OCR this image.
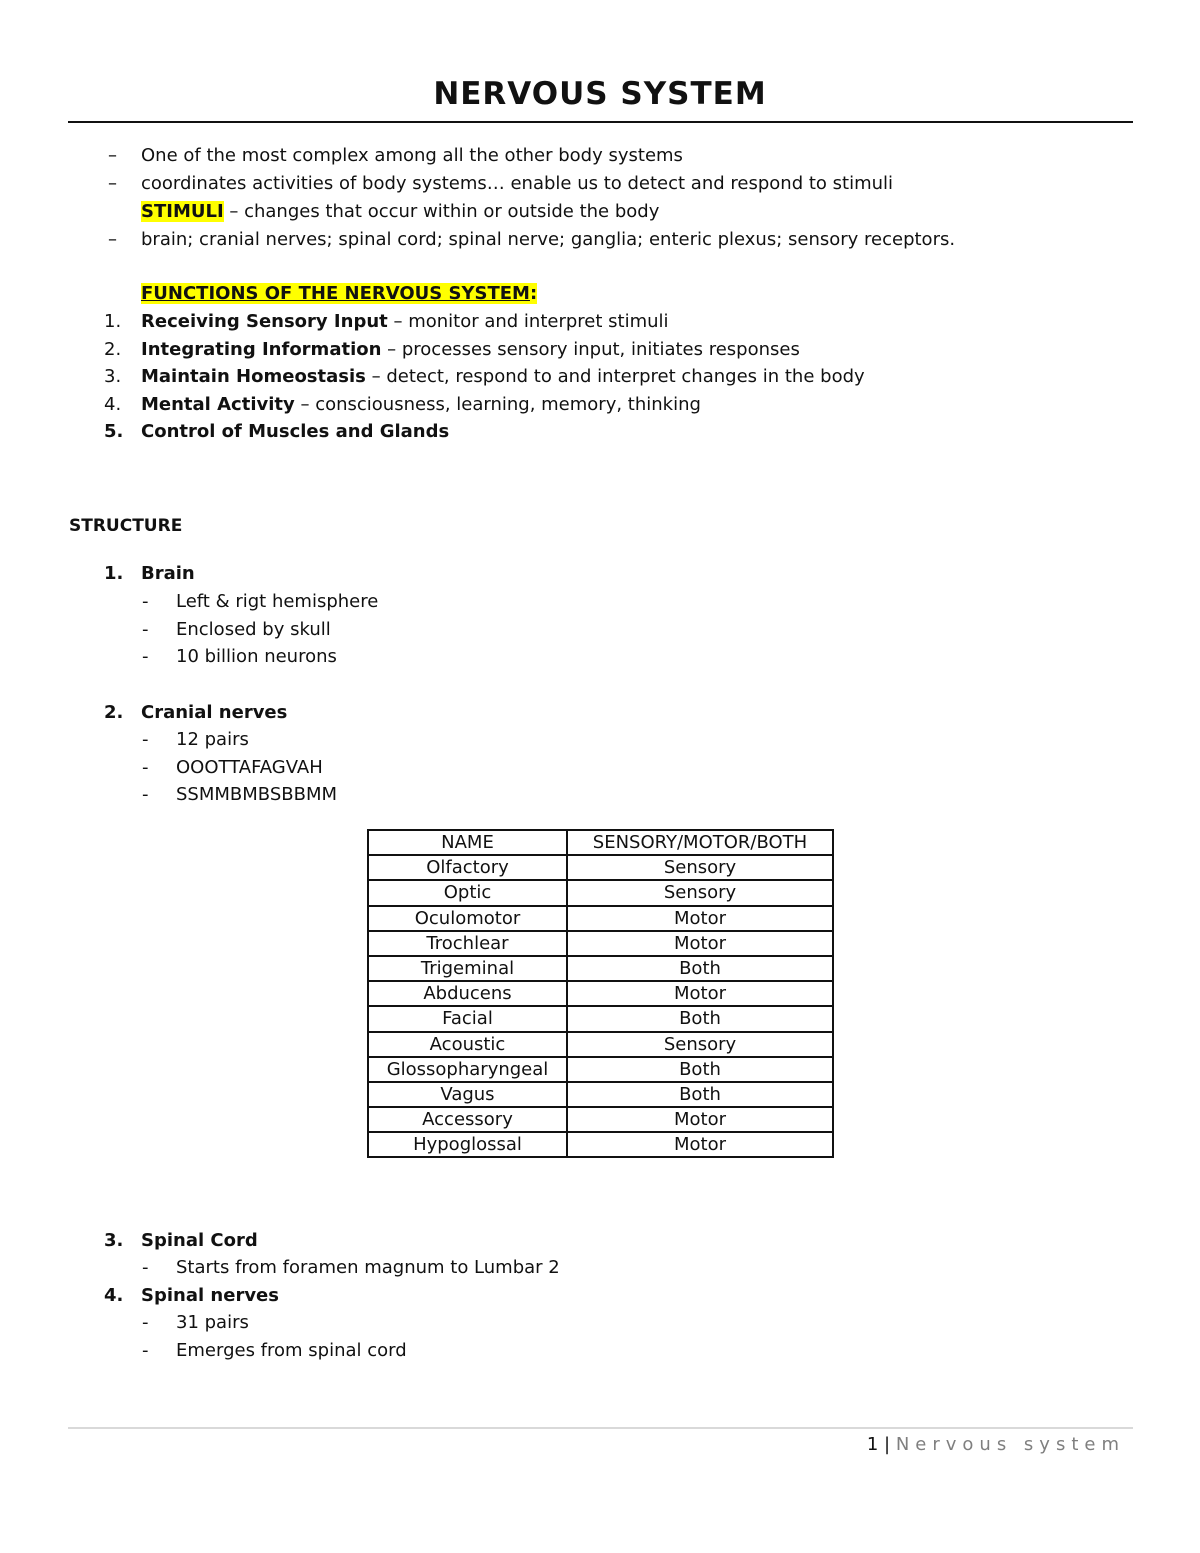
NERVOUS SYSTEM
– One of the most complex among all the other body systems
– coordinates activities of body systems… enable us to detect and respond to stimuli
STIMULI – changes that occur within or outside the body
– brain; cranial nerves; spinal cord; spinal nerve; ganglia; enteric plexus; sensory receptors.
FUNCTIONS OF THE NERVOUS SYSTEM:
1. Receiving Sensory Input – monitor and interpret stimuli
2. Integrating Information – processes sensory input, initiates responses
3. Maintain Homeostasis – detect, respond to and interpret changes in the body
4. Mental Activity – consciousness, learning, memory, thinking
5. Control of Muscles and Glands
STRUCTURE
1. Brain
- Left & rigt hemisphere
- Enclosed by skull
- 10 billion neurons
2. Cranial nerves
- 12 pairs
- OOOTTAFAGVAH
- SSMMBMBSBBMM
NAME	SENSORY/MOTOR/BOTH
Olfactory	Sensory
Optic	Sensory
Oculomotor	Motor
Trochlear	Motor
Trigeminal	Both
Abducens	Motor
Facial	Both
Acoustic	Sensory
Glossopharyngeal	Both
Vagus	Both
Accessory	Motor
Hypoglossal	Motor
3. Spinal Cord
- Starts from foramen magnum to Lumbar 2
4. Spinal nerves
- 31 pairs
- Emerges from spinal cord
1 | Nervous system
